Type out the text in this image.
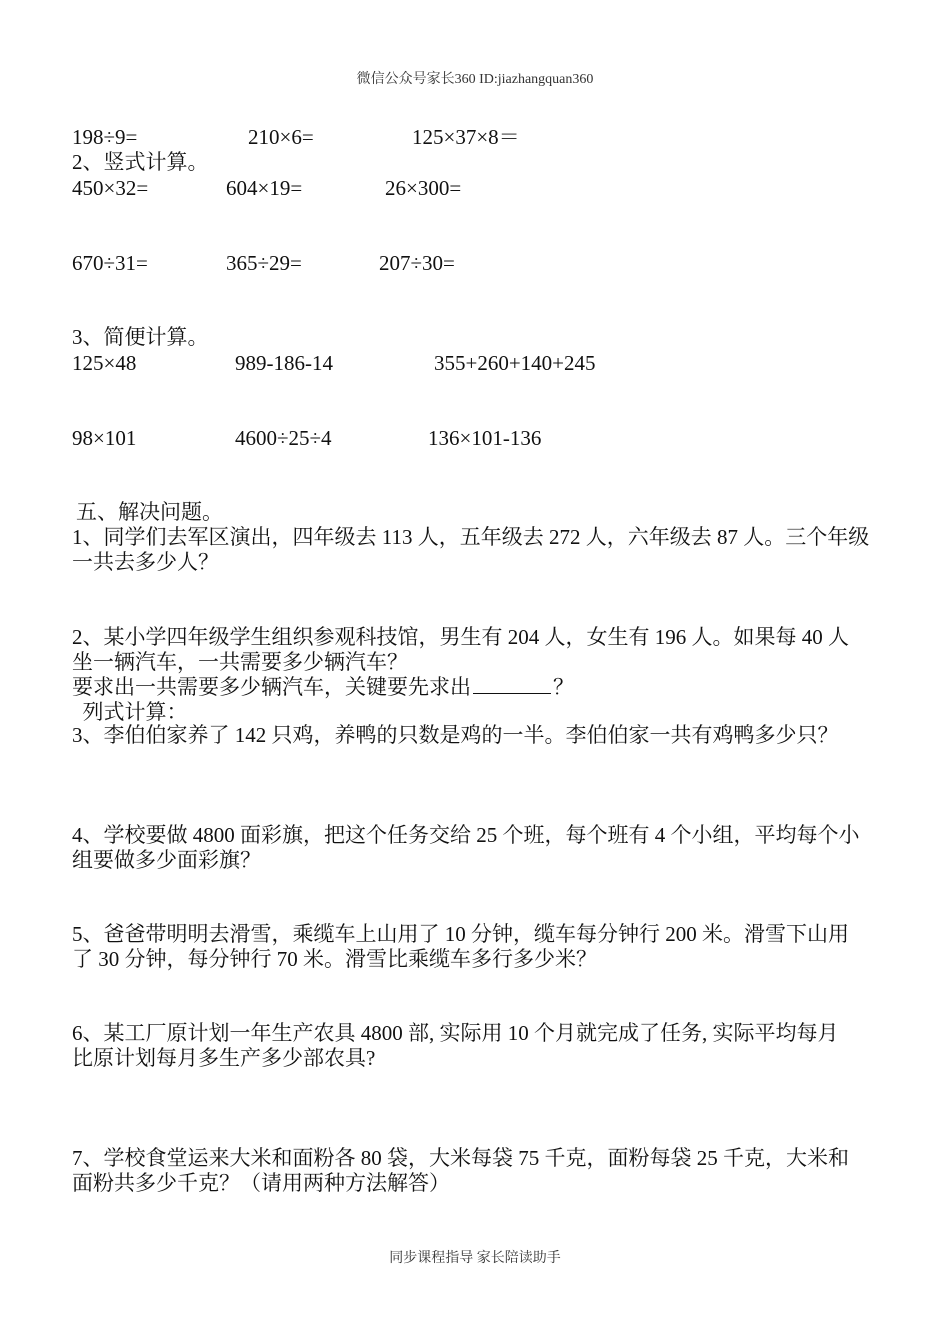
微信公众号家长360 ID:jiazhangquan360
198÷9=	210×6=	125×37×8＝
2、竖式计算。
450×32=	604×19=	26×300=
670÷31=	365÷29=	207÷30=
3、简便计算。
125×48	989-186-14	355+260+140+245
98×101	4600÷25÷4	136×101-136
五、解决问题。
1、同学们去军区演出，四年级去 113 人，五年级去 272 人，六年级去 87 人。三个年级
一共去多少人？
2、某小学四年级学生组织参观科技馆，男生有 204 人，女生有 196 人。如果每 40 人
坐一辆汽车，一共需要多少辆汽车？
要求出一共需要多少辆汽车，关键要先求出	？
列式计算：
3、李伯伯家养了 142 只鸡，养鸭的只数是鸡的一半。李伯伯家一共有鸡鸭多少只？
4、学校要做 4800 面彩旗，把这个任务交给 25 个班，每个班有 4 个小组，平均每个小
组要做多少面彩旗？
5、爸爸带明明去滑雪，乘缆车上山用了 10 分钟，缆车每分钟行 200 米。滑雪下山用
了 30 分钟，每分钟行 70 米。滑雪比乘缆车多行多少米？
6、某工厂原计划一年生产农具 4800 部, 实际用 10 个月就完成了任务, 实际平均每月
比原计划每月多生产多少部农具?
7、学校食堂运来大米和面粉各 80 袋，大米每袋 75 千克，面粉每袋 25 千克，大米和
面粉共多少千克？（请用两种方法解答）
同步课程指导 家长陪读助手
